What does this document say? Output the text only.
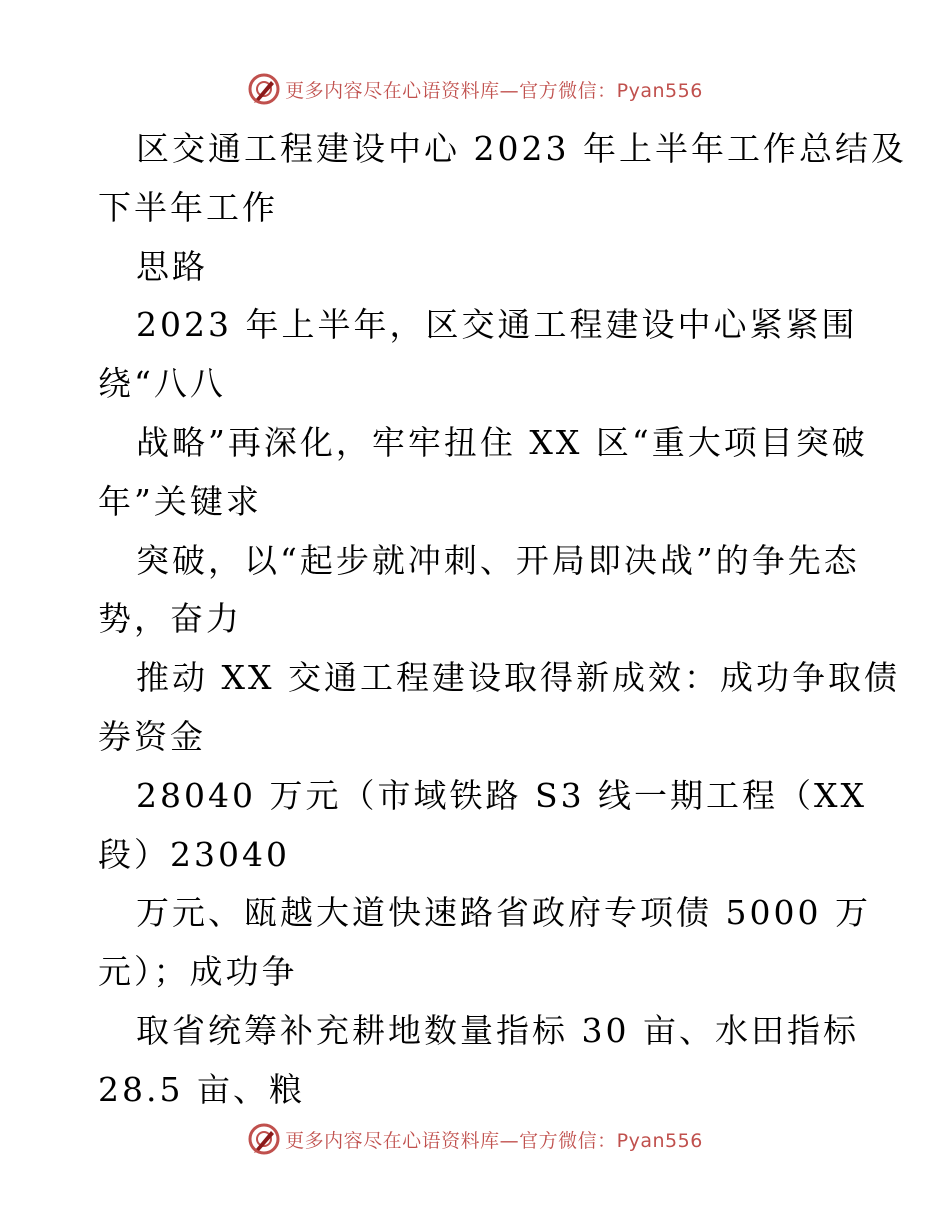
更多内容尽在心语资料库—官方微信：Pyan556
区交通工程建设中心 2023 年上半年工作总结及
下半年工作
思路
2023 年上半年，区交通工程建设中心紧紧围
绕“八八
战略”再深化，牢牢扭住 XX 区“重大项目突破
年”关键求
突破，以“起步就冲刺、开局即决战”的争先态
势，奋力
推动 XX 交通工程建设取得新成效：成功争取债
券资金
28040 万元（市域铁路 S3 线一期工程（XX
段）23040
万元、瓯越大道快速路省政府专项债 5000 万
元）；成功争
取省统筹补充耕地数量指标 30 亩、水田指标
28.5 亩、粮
更多内容尽在心语资料库—官方微信：Pyan556
